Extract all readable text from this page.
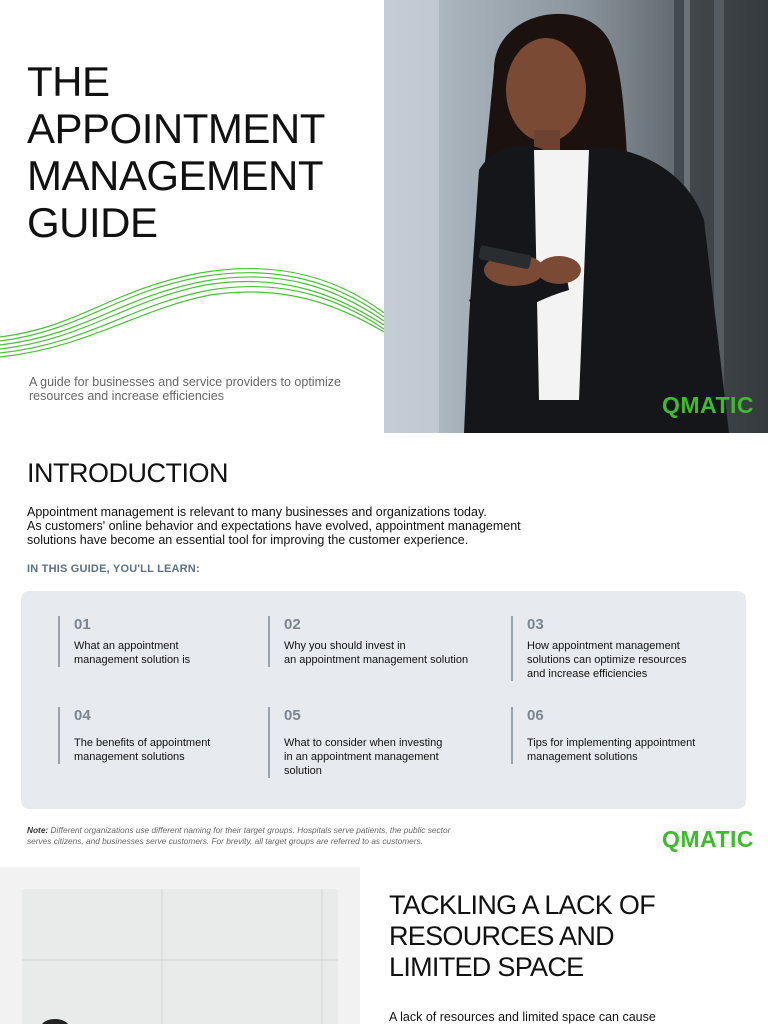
THE
APPOINTMENT
MANAGEMENT
GUIDE
A guide for businesses and service providers to optimize
resources and increase efficiencies	QMATIC
INTRODUCTION
Appointment management is relevant to many businesses and organizations today.
As customers' online behavior and expectations have evolved, appointment management
solutions have become an essential tool for improving the customer experience.
IN THIS GUIDE, YOU'LL LEARN:
01
What an appointment
management solution is
02
Why you should invest in
an appointment management solution
03
How appointment management
solutions can optimize resources
and increase efficiencies
04
The benefits of appointment
management solutions
05
What to consider when investing
in an appointment management
solution
06
Tips for implementing appointment
management solutions
Note: Different organizations use different naming for their target groups. Hospitals serve patients, the public sector
serves citizens, and businesses serve customers. For brevity, all target groups are referred to as customers.	QMATIC
TACKLING A LACK OF
RESOURCES AND
LIMITED SPACE
A lack of resources and limited space can cause
